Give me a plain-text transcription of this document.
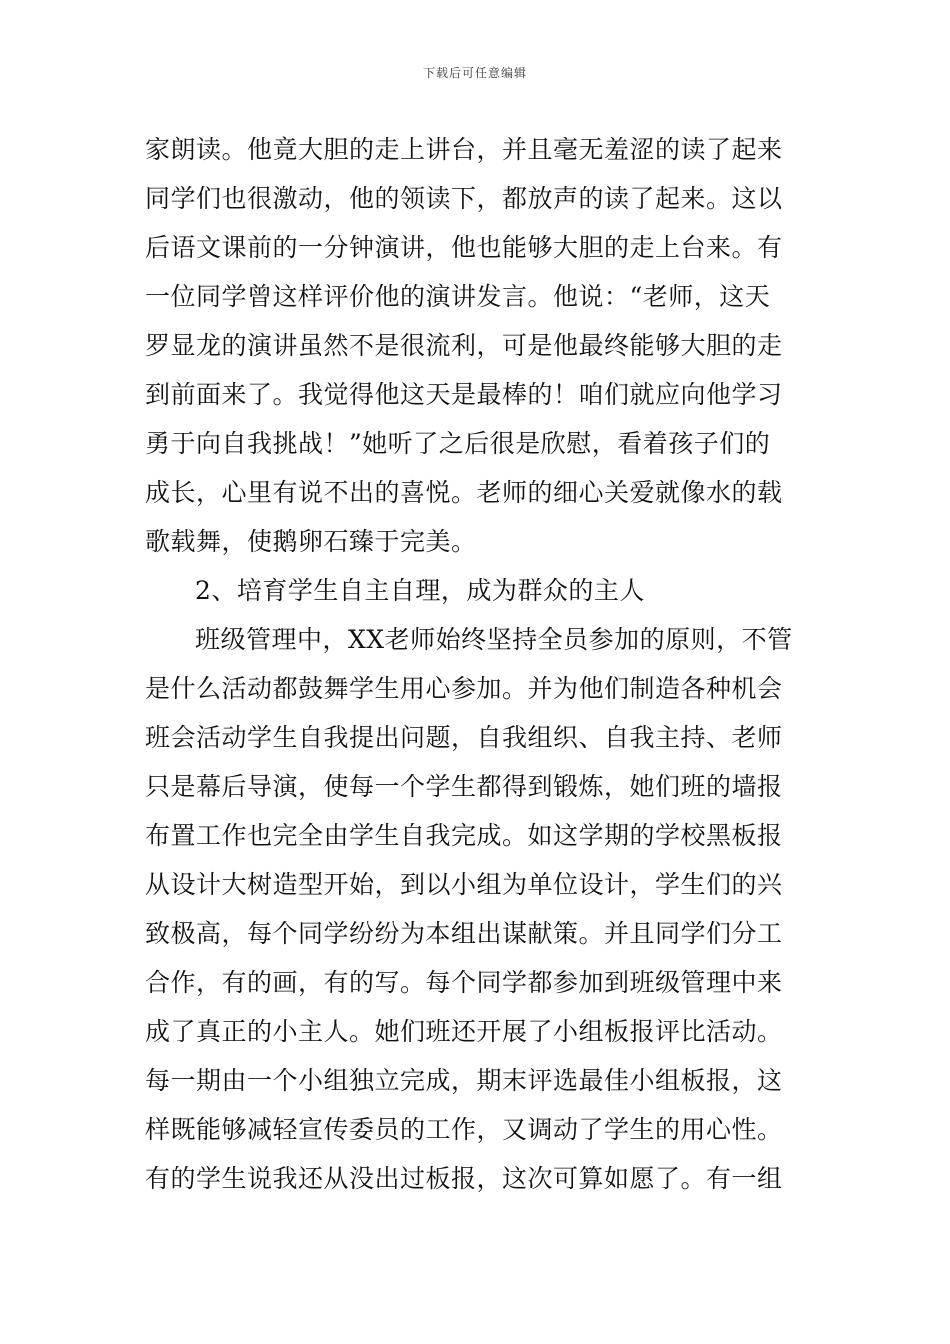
下载后可任意编辑
家朗读。他竟大胆的走上讲台，并且毫无羞涩的读了起来
同学们也很激动，他的领读下，都放声的读了起来。这以
后语文课前的一分钟演讲，他也能够大胆的走上台来。有
一位同学曾这样评价他的演讲发言。他说：“老师，这天
罗显龙的演讲虽然不是很流利，可是他最终能够大胆的走
到前面来了。我觉得他这天是最棒的！咱们就应向他学习
勇于向自我挑战！”她听了之后很是欣慰，看着孩子们的
成长，心里有说不出的喜悦。老师的细心关爱就像水的载
歌载舞，使鹅卵石臻于完美。
2、培育学生自主自理，成为群众的主人
班级管理中，XX老师始终坚持全员参加的原则，不管
是什么活动都鼓舞学生用心参加。并为他们制造各种机会
班会活动学生自我提出问题，自我组织、自我主持、老师
只是幕后导演，使每一个学生都得到锻炼，她们班的墙报
布置工作也完全由学生自我完成。如这学期的学校黑板报
从设计大树造型开始，到以小组为单位设计，学生们的兴
致极高，每个同学纷纷为本组出谋献策。并且同学们分工
合作，有的画，有的写。每个同学都参加到班级管理中来
成了真正的小主人。她们班还开展了小组板报评比活动。
每一期由一个小组独立完成，期末评选最佳小组板报，这
样既能够减轻宣传委员的工作，又调动了学生的用心性。
有的学生说我还从没出过板报，这次可算如愿了。有一组
